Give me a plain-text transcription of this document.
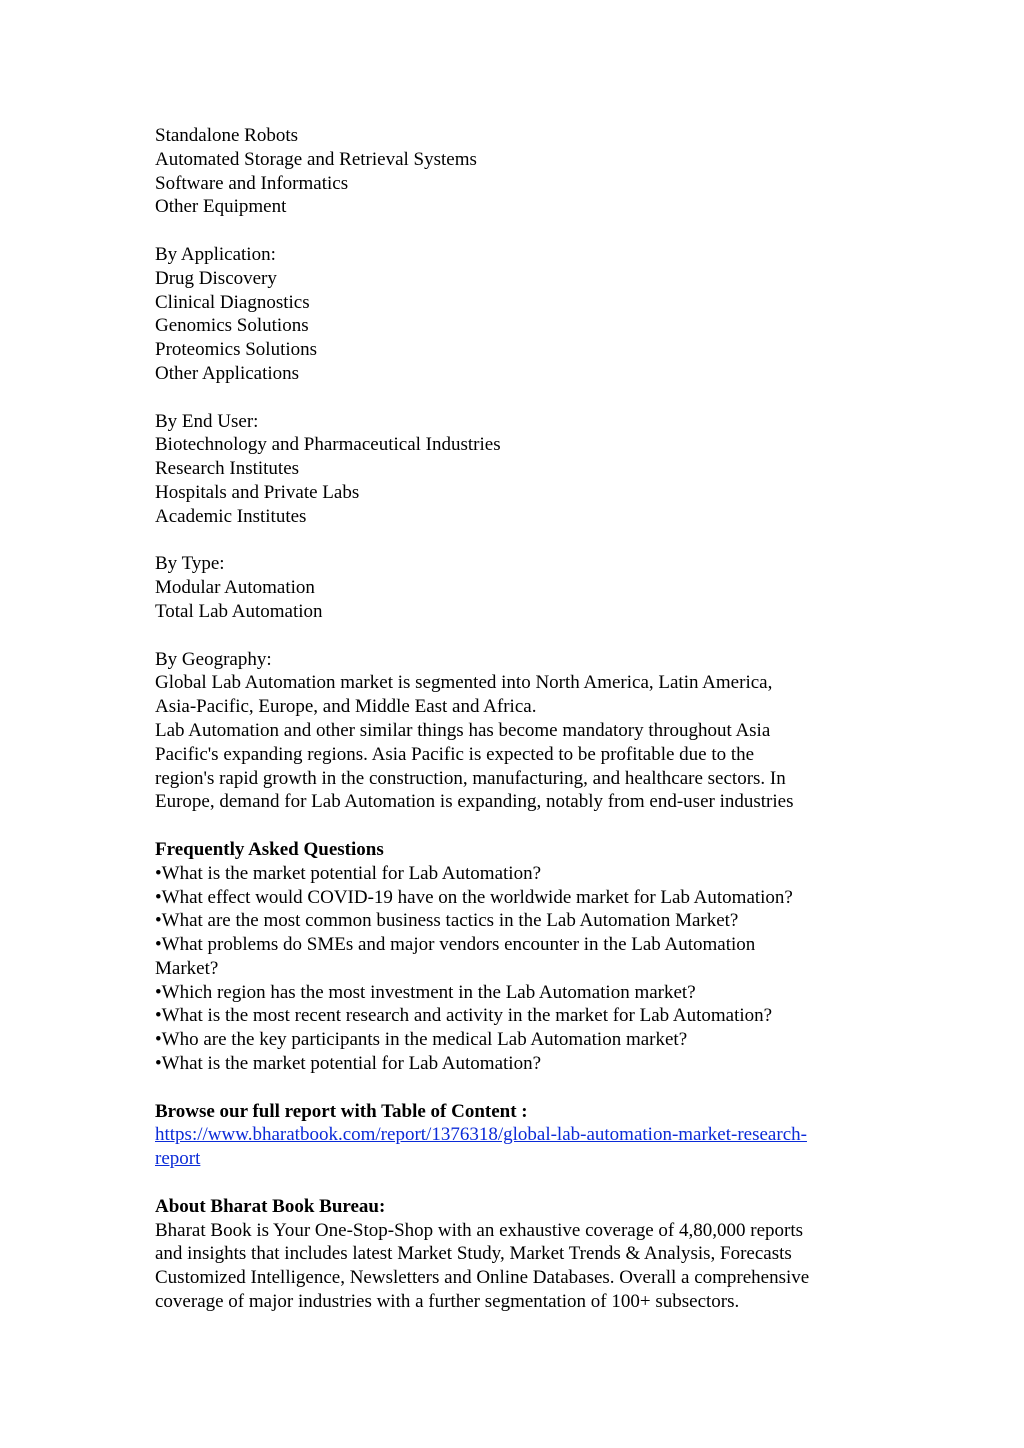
Standalone Robots
Automated Storage and Retrieval Systems
Software and Informatics
Other Equipment
By Application:
Drug Discovery
Clinical Diagnostics
Genomics Solutions
Proteomics Solutions
Other Applications
By End User:
Biotechnology and Pharmaceutical Industries
Research Institutes
Hospitals and Private Labs
Academic Institutes
By Type:
Modular Automation
Total Lab Automation
By Geography:
Global Lab Automation market is segmented into North America, Latin America,
Asia-Pacific, Europe, and Middle East and Africa.
Lab Automation and other similar things has become mandatory throughout Asia
Pacific's expanding regions. Asia Pacific is expected to be profitable due to the
region's rapid growth in the construction, manufacturing, and healthcare sectors. In
Europe, demand for Lab Automation is expanding, notably from end-user industries
Frequently Asked Questions
•What is the market potential for Lab Automation?
•What effect would COVID-19 have on the worldwide market for Lab Automation?
•What are the most common business tactics in the Lab Automation Market?
•What problems do SMEs and major vendors encounter in the Lab Automation
Market?
•Which region has the most investment in the Lab Automation market?
•What is the most recent research and activity in the market for Lab Automation?
•Who are the key participants in the medical Lab Automation market?
•What is the market potential for Lab Automation?
Browse our full report with Table of Content :
https://www.bharatbook.com/report/1376318/global-lab-automation-market-research-
report
About Bharat Book Bureau:
Bharat Book is Your One-Stop-Shop with an exhaustive coverage of 4,80,000 reports
and insights that includes latest Market Study, Market Trends & Analysis, Forecasts
Customized Intelligence, Newsletters and Online Databases. Overall a comprehensive
coverage of major industries with a further segmentation of 100+ subsectors.
